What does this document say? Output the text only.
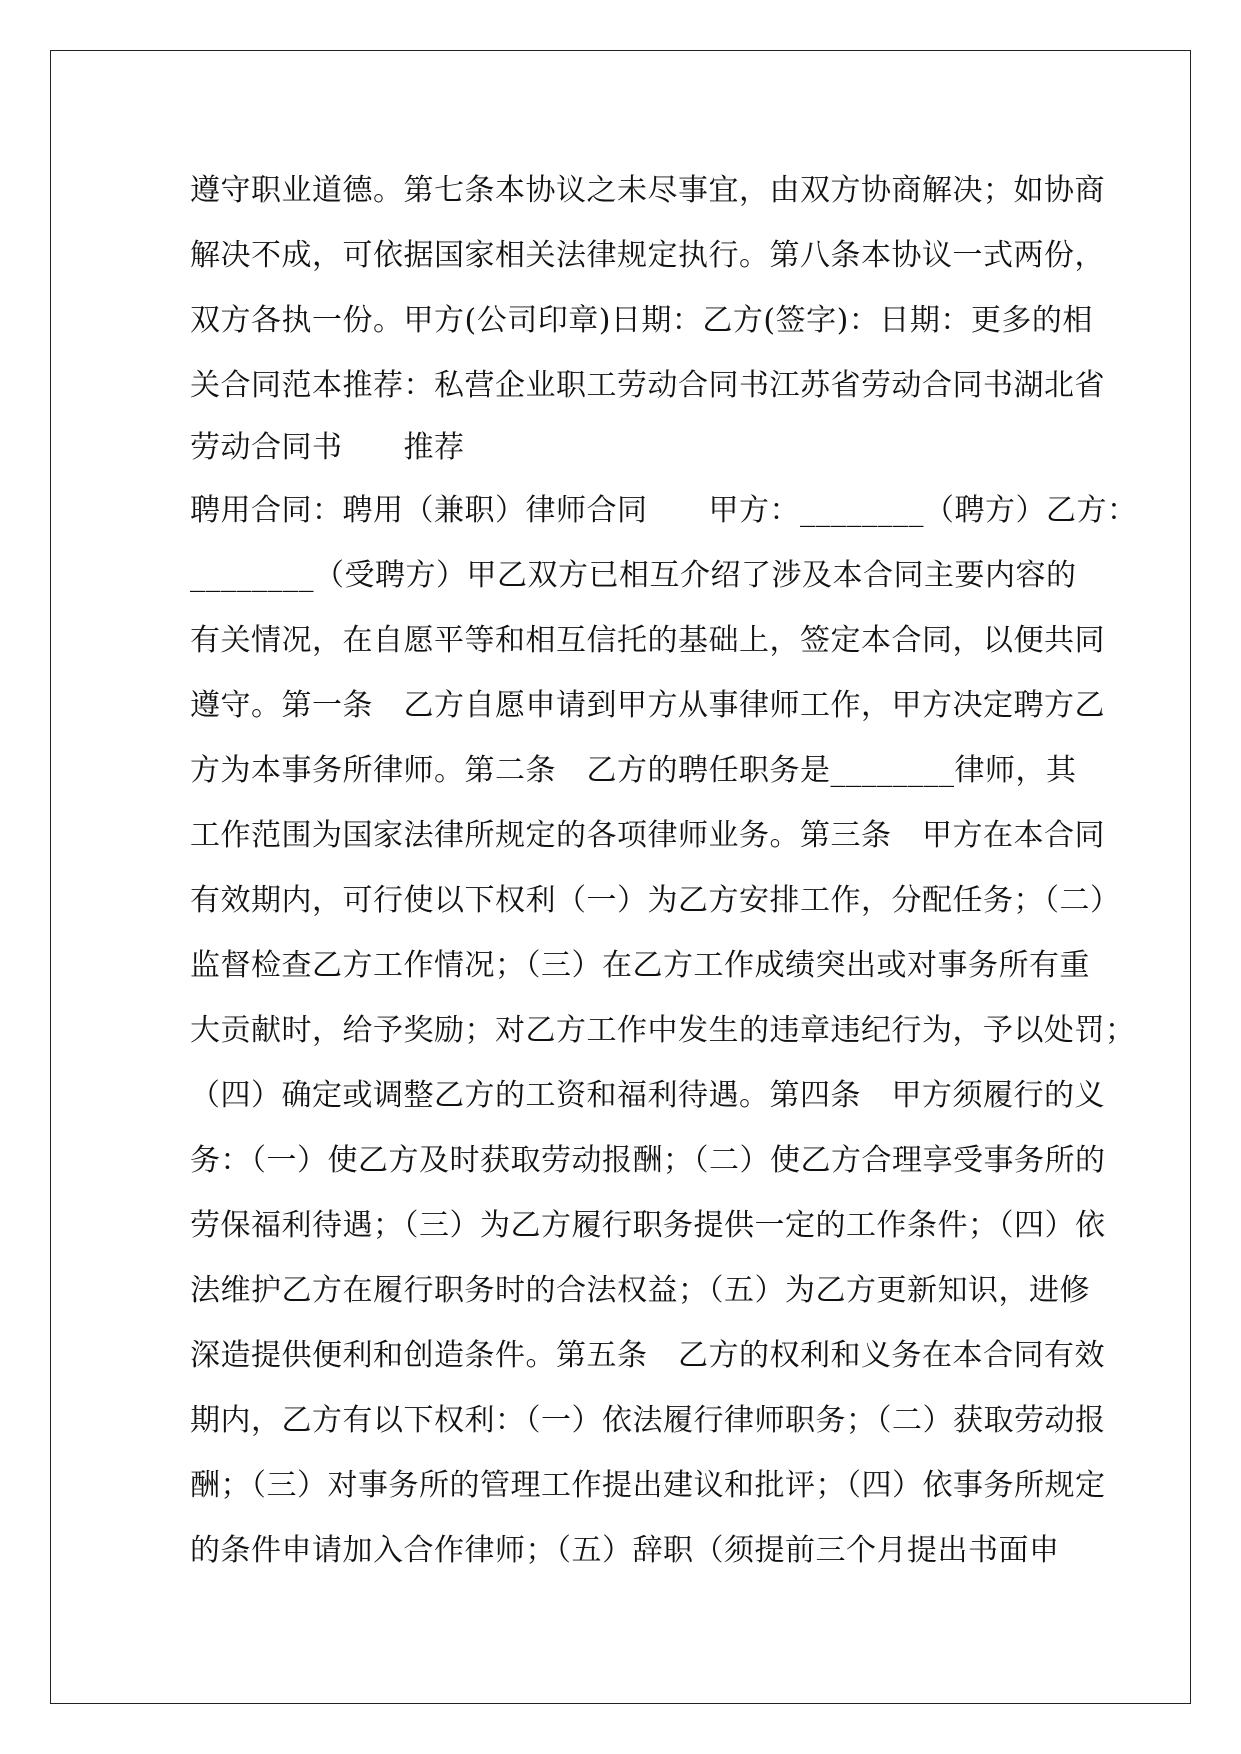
遵守职业道德。第七条本协议之未尽事宜，由双方协商解决；如协商
解决不成，可依据国家相关法律规定执行。第八条本协议一式两份，
双方各执一份。甲方(公司印章)日期：乙方(签字)：日期：更多的相
关合同范本推荐：私营企业职工劳动合同书江苏省劳动合同书湖北省
劳动合同书　　推荐
聘用合同：聘用（兼职）律师合同　　甲方：________（聘方）乙方：
________（受聘方）甲乙双方已相互介绍了涉及本合同主要内容的
有关情况，在自愿平等和相互信托的基础上，签定本合同，以便共同
遵守。第一条　乙方自愿申请到甲方从事律师工作，甲方决定聘方乙
方为本事务所律师。第二条　乙方的聘任职务是________律师，其
工作范围为国家法律所规定的各项律师业务。第三条　甲方在本合同
有效期内，可行使以下权利（一）为乙方安排工作，分配任务；（二）
监督检查乙方工作情况；（三）在乙方工作成绩突出或对事务所有重
大贡献时，给予奖励；对乙方工作中发生的违章违纪行为，予以处罚；
（四）确定或调整乙方的工资和福利待遇。第四条　甲方须履行的义
务：（一）使乙方及时获取劳动报酬；（二）使乙方合理享受事务所的
劳保福利待遇；（三）为乙方履行职务提供一定的工作条件；（四）依
法维护乙方在履行职务时的合法权益；（五）为乙方更新知识，进修
深造提供便利和创造条件。第五条　乙方的权利和义务在本合同有效
期内，乙方有以下权利：（一）依法履行律师职务；（二）获取劳动报
酬；（三）对事务所的管理工作提出建议和批评；（四）依事务所规定
的条件申请加入合作律师；（五）辞职（须提前三个月提出书面申
